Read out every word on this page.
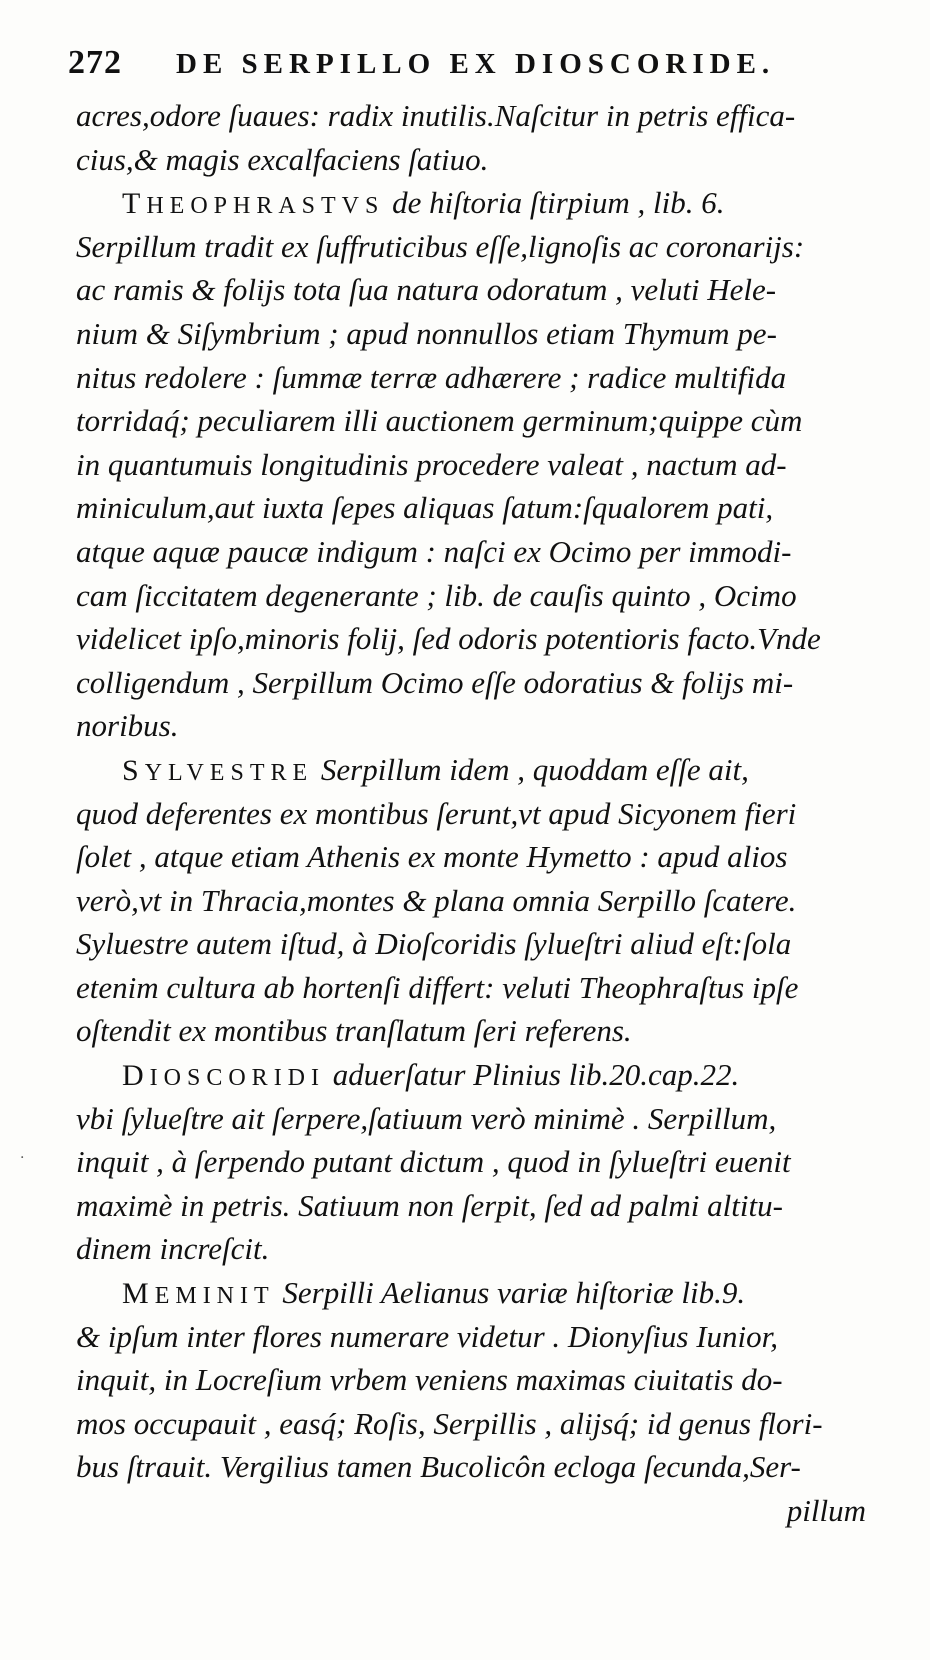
272 DE SERPILLO EX DIOSCORIDE.
acres,odore ſuaues: radix inutilis.Naſcitur in petris effica-
cius,& magis excalfaciens ſatiuo.
THEOPHRASTVS de hiſtoria ſtirpium , lib. 6.
Serpillum tradit ex ſuffruticibus eſſe,lignoſis ac coronarijs:
ac ramis & folijs tota ſua natura odoratum , veluti Hele-
nium & Siſymbrium ; apud nonnullos etiam Thymum pe-
nitus redolere : ſummæ terræ adhærere ; radice multifida
torridaq́; peculiarem illi auctionem germinum;quippe cùm
in quantumuis longitudinis procedere valeat , nactum ad-
miniculum,aut iuxta ſepes aliquas ſatum:ſqualorem pati,
atque aquæ paucæ indigum : naſci ex Ocimo per immodi-
cam ſiccitatem degenerante ; lib. de cauſis quinto , Ocimo
videlicet ipſo,minoris folij, ſed odoris potentioris facto.Vnde
colligendum , Serpillum Ocimo eſſe odoratius & folijs mi-
noribus.
SYLVESTRE Serpillum idem , quoddam eſſe ait,
quod deferentes ex montibus ſerunt,vt apud Sicyonem fieri
ſolet , atque etiam Athenis ex monte Hymetto : apud alios
verò,vt in Thracia,montes & plana omnia Serpillo ſcatere.
Syluestre autem iſtud, à Dioſcoridis ſylueſtri aliud eſt:ſola
etenim cultura ab hortenſi differt: veluti Theophraſtus ipſe
oſtendit ex montibus tranſlatum ſeri referens.
DIOSCORIDI aduerſatur Plinius lib.20.cap.22.
vbi ſylueſtre ait ſerpere,ſatiuum verò minimè . Serpillum,
inquit , à ſerpendo putant dictum , quod in ſylueſtri euenit
maximè in petris. Satiuum non ſerpit, ſed ad palmi altitu-
dinem increſcit.
MEMINIT Serpilli Aelianus variæ hiſtoriæ lib.9.
& ipſum inter flores numerare videtur . Dionyſius Iunior,
inquit, in Locreſium vrbem veniens maximas ciuitatis do-
mos occupauit , easq́; Roſis, Serpillis , alijsq́; id genus flori-
bus ſtrauit. Vergilius tamen Bucolicôn ecloga ſecunda,Ser-
pillum
·
